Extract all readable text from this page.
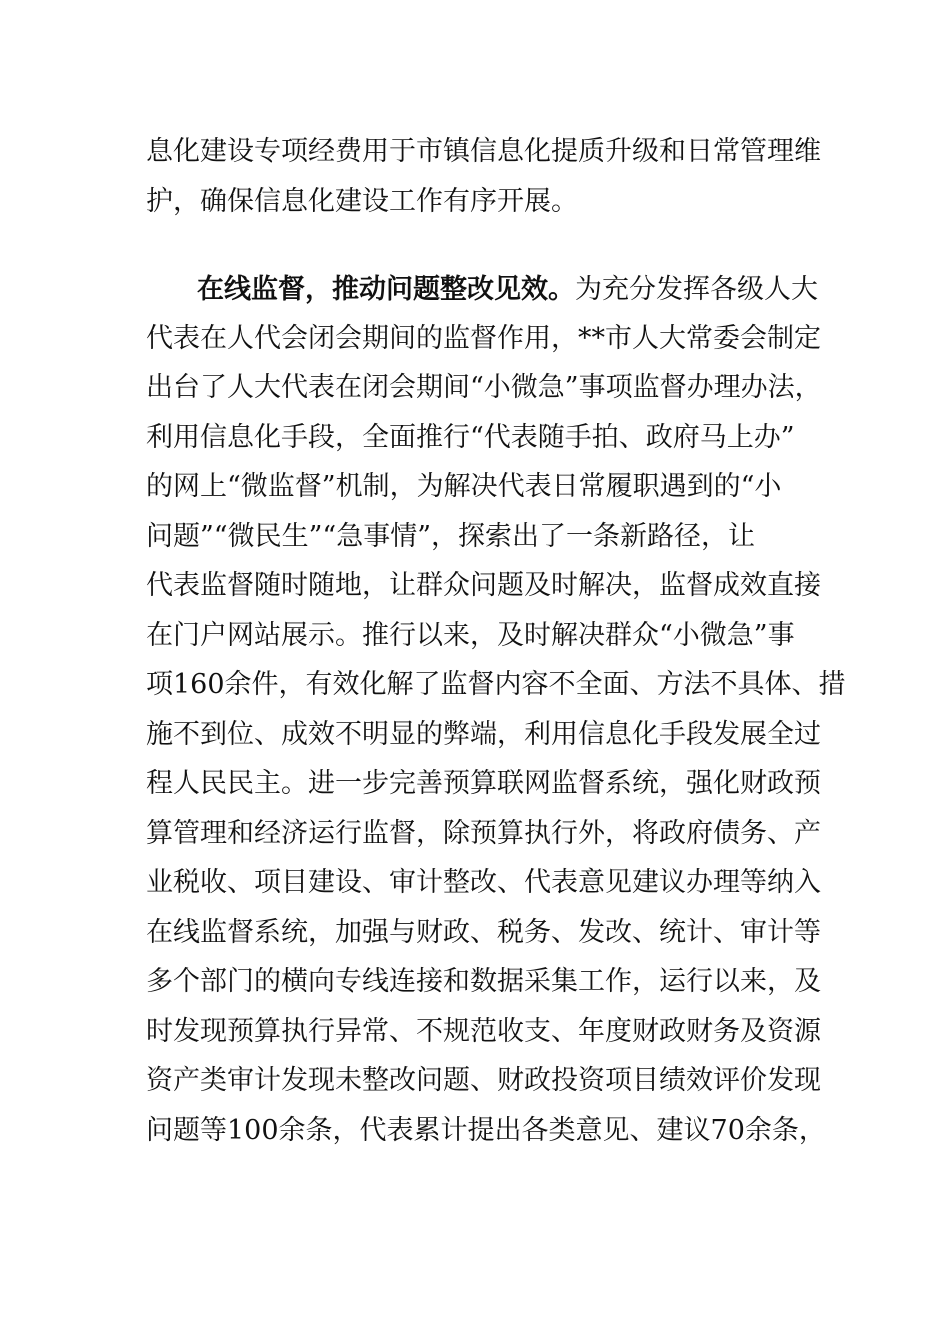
息化建设专项经费用于市镇信息化提质升级和日常管理维
护，确保信息化建设工作有序开展。
在线监督，推动问题整改见效。为充分发挥各级人大
代表在人代会闭会期间的监督作用，**市人大常委会制定
出台了人大代表在闭会期间“小微急”事项监督办理办法，
利用信息化手段，全面推行“代表随手拍、政府马上办”
的网上“微监督”机制，为解决代表日常履职遇到的“小
问题”“微民生”“急事情”，探索出了一条新路径，让
代表监督随时随地，让群众问题及时解决，监督成效直接
在门户网站展示。推行以来，及时解决群众“小微急”事
项160余件，有效化解了监督内容不全面、方法不具体、措
施不到位、成效不明显的弊端，利用信息化手段发展全过
程人民民主。进一步完善预算联网监督系统，强化财政预
算管理和经济运行监督，除预算执行外，将政府债务、产
业税收、项目建设、审计整改、代表意见建议办理等纳入
在线监督系统，加强与财政、税务、发改、统计、审计等
多个部门的横向专线连接和数据采集工作，运行以来，及
时发现预算执行异常、不规范收支、年度财政财务及资源
资产类审计发现未整改问题、财政投资项目绩效评价发现
问题等100余条，代表累计提出各类意见、建议70余条，
